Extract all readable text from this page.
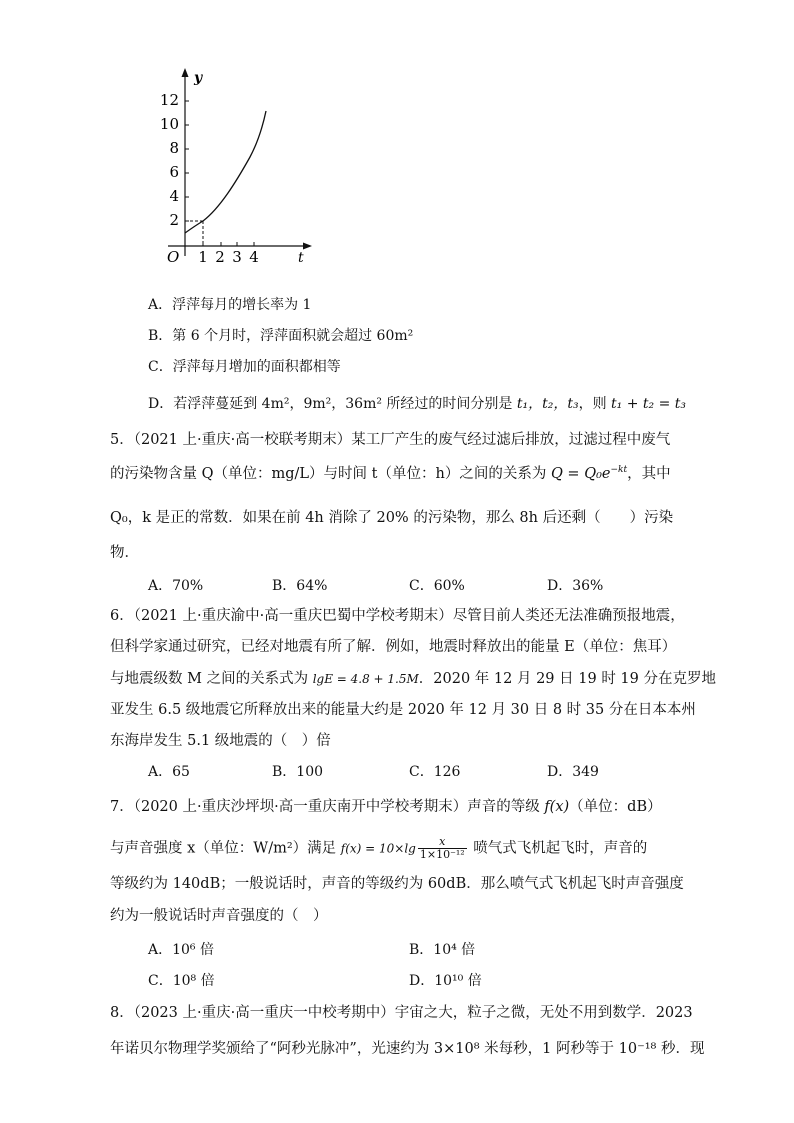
12
10
8
6
4
2
1 2 3 4
O
y
t
A．浮萍每月的增长率为 1
B．第 6 个月时，浮萍面积就会超过 60m²
C．浮萍每月增加的面积都相等
D．若浮萍蔓延到 4m²，9m²，36m² 所经过的时间分别是 t₁，t₂，t₃，则 t₁ + t₂ = t₃
5．（2021 上·重庆·高一校联考期末）某工厂产生的废气经过滤后排放，过滤过程中废气
的污染物含量 Q（单位：mg/L）与时间 t（单位：h）之间的关系为 $Q = Q_0e^{-kt}$，其中
Q₀，k 是正的常数．如果在前 4h 消除了 20% 的污染物，那么 8h 后还剩（　　）污染
物．
A．70%	B．64%	C．60%	D．36%
6．（2021 上·重庆渝中·高一重庆巴蜀中学校考期末）尽管目前人类还无法准确预报地震，
但科学家通过研究，已经对地震有所了解．例如，地震时释放出的能量 E（单位：焦耳）
与地震级数 M 之间的关系式为 lgE = 4.8 + 1.5M．2020 年 12 月 29 日 19 时 19 分在克罗地
亚发生 6.5 级地震它所释放出来的能量大约是 2020 年 12 月 30 日 8 时 35 分在日本本州
东海岸发生 5.1 级地震的（　）倍
A．65	B．100	C．126	D．349
7．（2020 上·重庆沙坪坝·高一重庆南开中学校考期末）声音的等级 f(x)（单位：dB）
与声音强度 x（单位：W/m²）满足 $f(x) = 10\times\lg \frac{x}{\text{1×10⁻¹²}}$ 喷气式飞机起飞时，声音的
等级约为 140dB；一般说话时，声音的等级约为 60dB．那么喷气式飞机起飞时声音强度
约为一般说话时声音强度的（　）
A．10⁶ 倍	B．10⁴ 倍
C．10⁸ 倍	D．10¹⁰ 倍
8．（2023 上·重庆·高一重庆一中校考期中）宇宙之大，粒子之微，无处不用到数学．2023
年诺贝尔物理学奖颁给了“阿秒光脉冲”，光速约为 3×10⁸ 米每秒，1 阿秒等于 10⁻¹⁸ 秒．现
